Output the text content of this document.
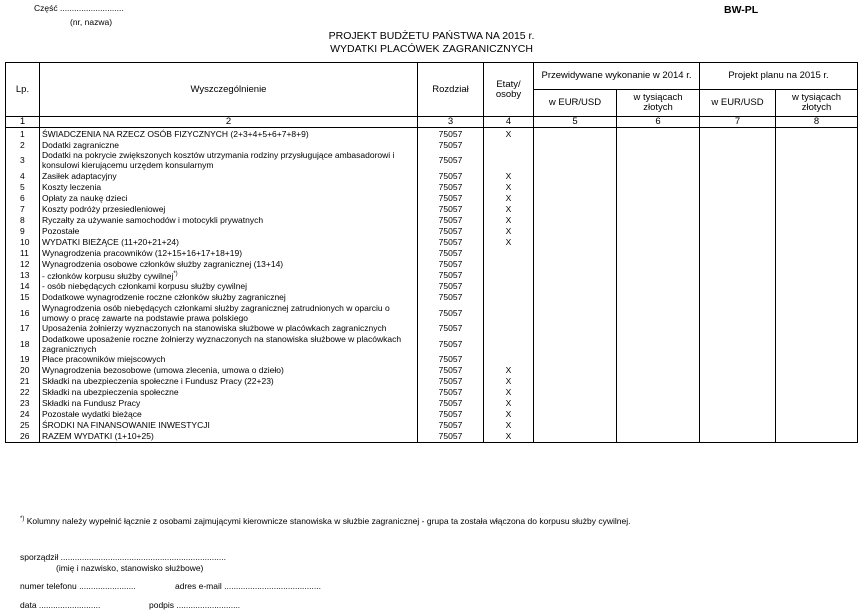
Część ...........................
(nr, nazwa)
BW-PL
PROJEKT BUDŻETU PAŃSTWA NA 2015 r.
WYDATKI PLACÓWEK ZAGRANICZNYCH
Lp.	Wyszczególnienie	Rozdział	Etaty/ osoby	Przewidywane wykonanie w 2014 r.		Projekt planu na 2015 r.	
				w EUR/USD	w tysiącach złotych	w EUR/USD	w tysiącach złotych
1	2	3	4	5	6	7	8
1	ŚWIADCZENIA NA RZECZ OSÓB FIZYCZNYCH (2+3+4+5+6+7+8+9)	75057	X				
2	Dodatki zagraniczne	75057					
3	Dodatki na pokrycie zwiększonych kosztów utrzymania rodziny przysługujące ambasadorowi i konsulowi kierującemu urzędem konsularnym	75057					
4	Zasiłek adaptacyjny	75057	X				
5	Koszty leczenia	75057	X				
6	Opłaty za naukę dzieci	75057	X				
7	Koszty podróży przesiedleniowej	75057	X				
8	Ryczałty za używanie samochodów i motocykli prywatnych	75057	X				
9	Pozostałe	75057	X				
10	WYDATKI BIEŻĄCE (11+20+21+24)	75057	X				
11	Wynagrodzenia pracowników (12+15+16+17+18+19)	75057					
12	Wynagrodzenia osobowe członków służby zagranicznej (13+14)	75057					
13	- członków korpusu służby cywilnej*)	75057					
14	- osób niebędących członkami korpusu służby cywilnej	75057					
15	Dodatkowe wynagrodzenie roczne członków służby zagranicznej	75057					
16	Wynagrodzenia osób niebędących członkami służby zagranicznej zatrudnionych w oparciu o umowy o pracę zawarte na podstawie prawa polskiego	75057					
17	Uposażenia żołnierzy wyznaczonych na stanowiska służbowe w placówkach zagranicznych	75057					
18	Dodatkowe uposażenie roczne żołnierzy wyznaczonych na stanowiska służbowe w placówkach zagranicznych	75057					
19	Płace pracowników miejscowych	75057					
20	Wynagrodzenia bezosobowe (umowa zlecenia, umowa o dzieło)	75057	X				
21	Składki na ubezpieczenia społeczne i Fundusz Pracy (22+23)	75057	X				
22	Składki na ubezpieczenia społeczne	75057	X				
23	Składki na Fundusz Pracy	75057	X				
24	Pozostałe wydatki bieżące	75057	X				
25	ŚRODKI NA FINANSOWANIE INWESTYCJI	75057	X				
26	RAZEM WYDATKI (1+10+25)	75057	X				
*) Kolumny należy wypełnić łącznie z osobami zajmującymi kierownicze stanowiska w służbie zagranicznej - grupa ta została włączona do korpusu służby cywilnej.
sporządził ......................................................................
(imię i nazwisko, stanowisko służbowe)
numer telefonu ........................	adres e-mail .........................................
data ..........................	podpis ...........................
